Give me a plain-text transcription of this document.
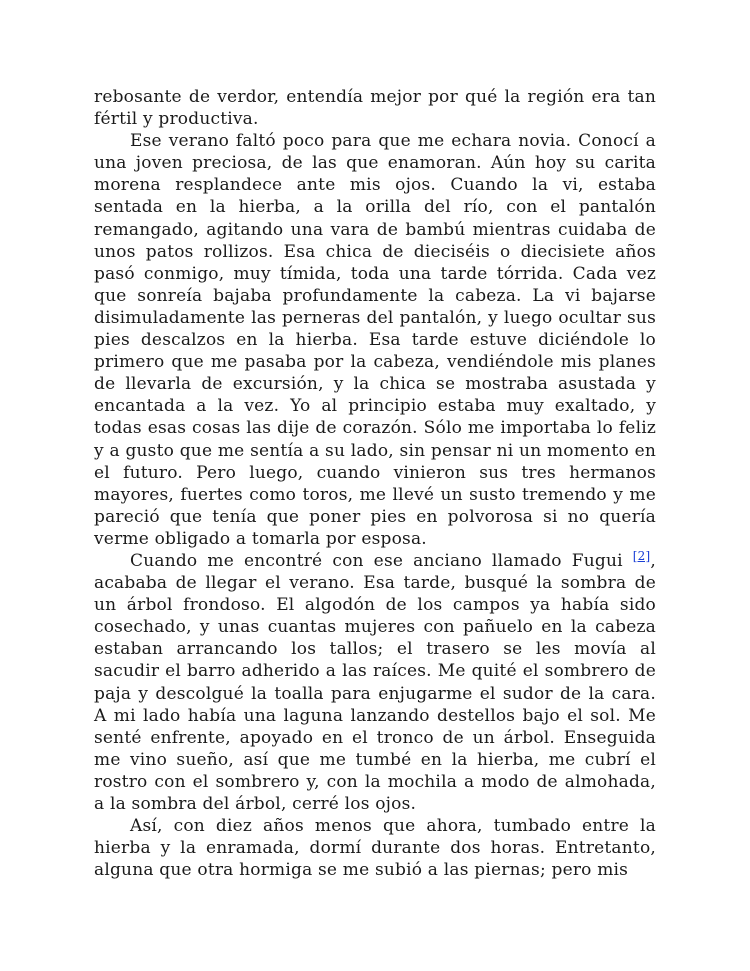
rebosante de verdor, entendía mejor por qué la región era tan fértil y productiva.

Ese verano faltó poco para que me echara novia. Conocí a una joven preciosa, de las que enamoran. Aún hoy su carita morena resplandece ante mis ojos. Cuando la vi, estaba sentada en la hierba, a la orilla del río, con el pantalón remangado, agitando una vara de bambú mientras cuidaba de unos patos rollizos. Esa chica de dieciséis o diecisiete años pasó conmigo, muy tímida, toda una tarde tórrida. Cada vez que sonreía bajaba profundamente la cabeza. La vi bajarse disimuladamente las perneras del pantalón, y luego ocultar sus pies descalzos en la hierba. Esa tarde estuve diciéndole lo primero que me pasaba por la cabeza, vendiéndole mis planes de llevarla de excursión, y la chica se mostraba asustada y encantada a la vez. Yo al principio estaba muy exaltado, y todas esas cosas las dije de corazón. Sólo me importaba lo feliz y a gusto que me sentía a su lado, sin pensar ni un momento en el futuro. Pero luego, cuando vinieron sus tres hermanos mayores, fuertes como toros, me llevé un susto tremendo y me pareció que tenía que poner pies en polvorosa si no quería verme obligado a tomarla por esposa.

Cuando me encontré con ese anciano llamado Fugui [2], acababa de llegar el verano. Esa tarde, busqué la sombra de un árbol frondoso. El algodón de los campos ya había sido cosechado, y unas cuantas mujeres con pañuelo en la cabeza estaban arrancando los tallos; el trasero se les movía al sacudir el barro adherido a las raíces. Me quité el sombrero de paja y descolgué la toalla para enjugarme el sudor de la cara. A mi lado había una laguna lanzando destellos bajo el sol. Me senté enfrente, apoyado en el tronco de un árbol. Enseguida me vino sueño, así que me tumbé en la hierba, me cubrí el rostro con el sombrero y, con la mochila a modo de almohada, a la sombra del árbol, cerré los ojos.

Así, con diez años menos que ahora, tumbado entre la hierba y la enramada, dormí durante dos horas. Entretanto, alguna que otra hormiga se me subió a las piernas; pero mis
